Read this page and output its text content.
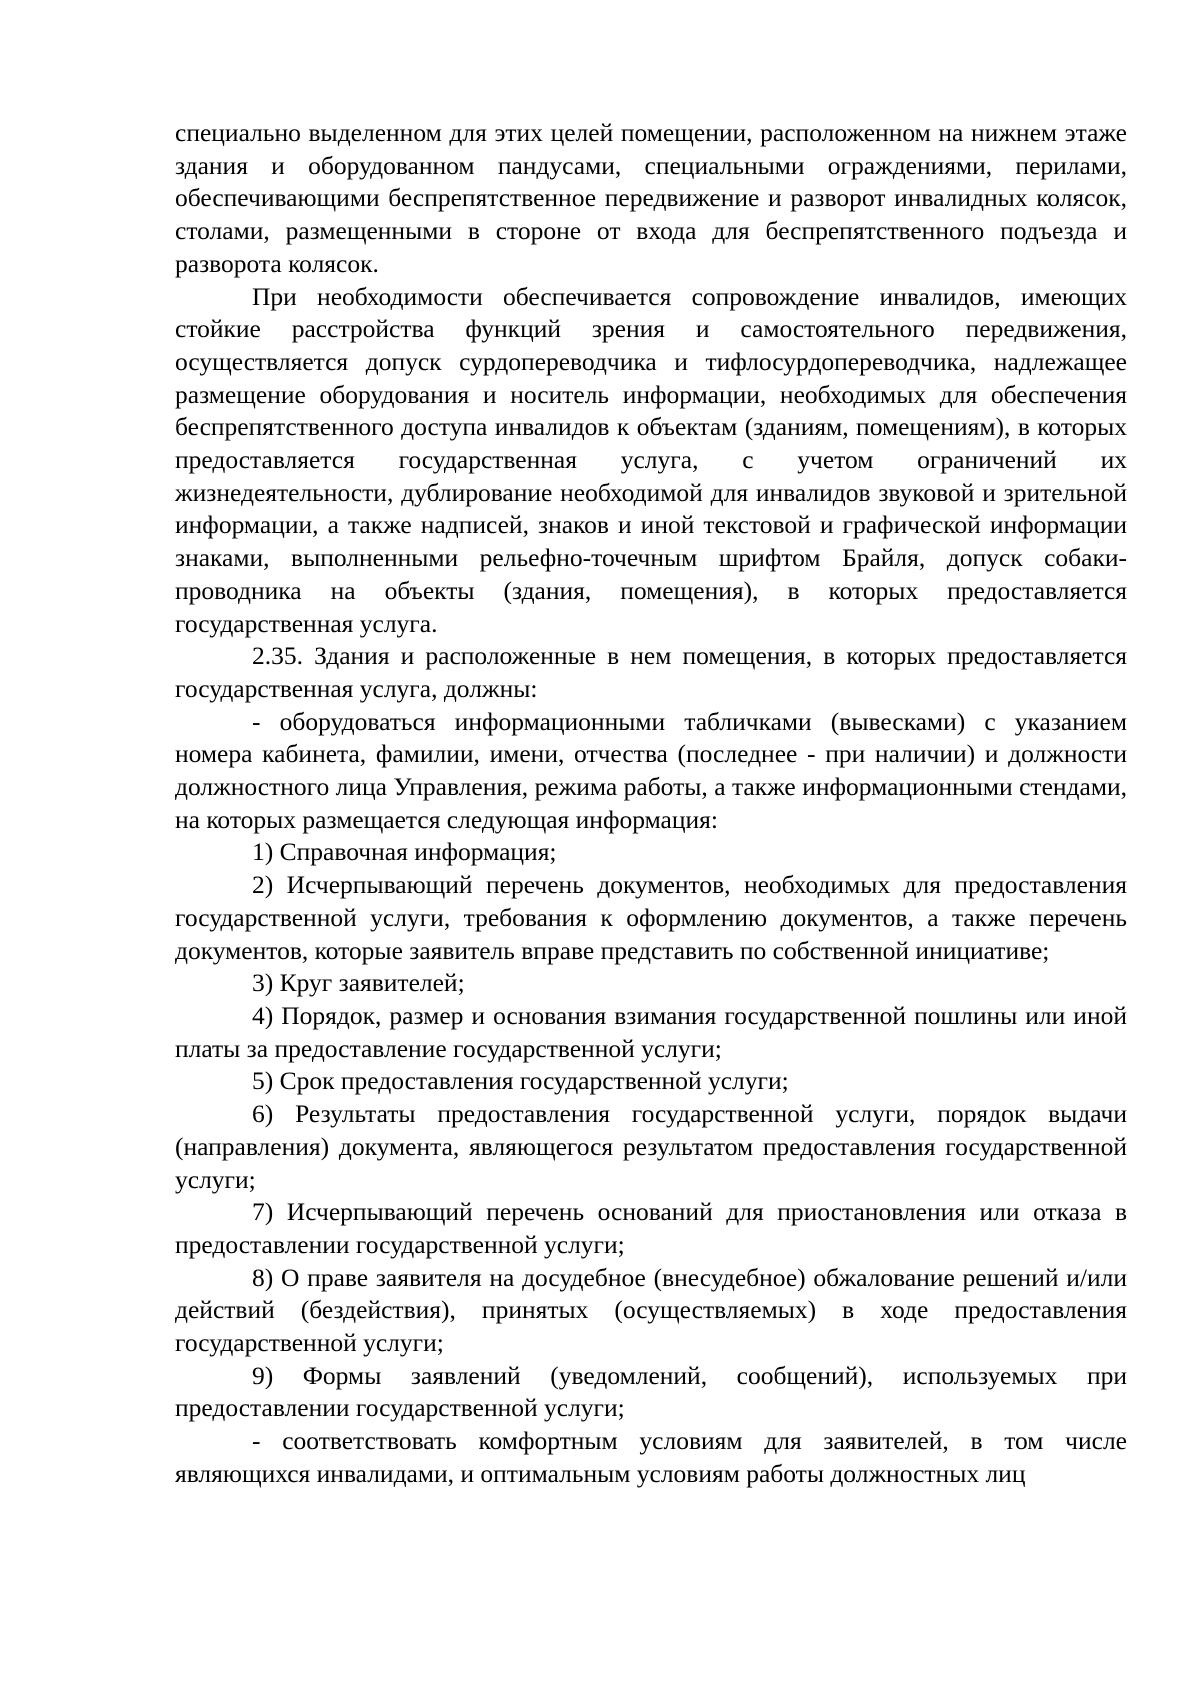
специально выделенном для этих целей помещении, расположенном на нижнем этаже здания и оборудованном пандусами, специальными ограждениями, перилами, обеспечивающими беспрепятственное передвижение и разворот инвалидных колясок, столами, размещенными в стороне от входа для беспрепятственного подъезда и разворота колясок.

При необходимости обеспечивается сопровождение инвалидов, имеющих стойкие расстройства функций зрения и самостоятельного передвижения, осуществляется допуск сурдопереводчика и тифлосурдопереводчика, надлежащее размещение оборудования и носитель информации, необходимых для обеспечения беспрепятственного доступа инвалидов к объектам (зданиям, помещениям), в которых предоставляется государственная услуга, с учетом ограничений их жизнедеятельности, дублирование необходимой для инвалидов звуковой и зрительной информации, а также надписей, знаков и иной текстовой и графической информации знаками, выполненными рельефно-точечным шрифтом Брайля, допуск собаки-проводника на объекты (здания, помещения), в которых предоставляется государственная услуга.

2.35. Здания и расположенные в нем помещения, в которых предоставляется государственная услуга, должны:

- оборудоваться информационными табличками (вывесками) с указанием номера кабинета, фамилии, имени, отчества (последнее - при наличии) и должности должностного лица Управления, режима работы, а также информационными стендами, на которых размещается следующая информация:

1) Справочная информация;

2) Исчерпывающий перечень документов, необходимых для предоставления государственной услуги, требования к оформлению документов, а также перечень документов, которые заявитель вправе представить по собственной инициативе;

3) Круг заявителей;

4) Порядок, размер и основания взимания государственной пошлины или иной платы за предоставление государственной услуги;

5) Срок предоставления государственной услуги;

6) Результаты предоставления государственной услуги, порядок выдачи (направления) документа, являющегося результатом предоставления государственной услуги;

7) Исчерпывающий перечень оснований для приостановления или отказа в предоставлении государственной услуги;

8) О праве заявителя на досудебное (внесудебное) обжалование решений и/или действий (бездействия), принятых (осуществляемых) в ходе предоставления государственной услуги;

9) Формы заявлений (уведомлений, сообщений), используемых при предоставлении государственной услуги;

- соответствовать комфортным условиям для заявителей, в том числе являющихся инвалидами, и оптимальным условиям работы должностных лиц
